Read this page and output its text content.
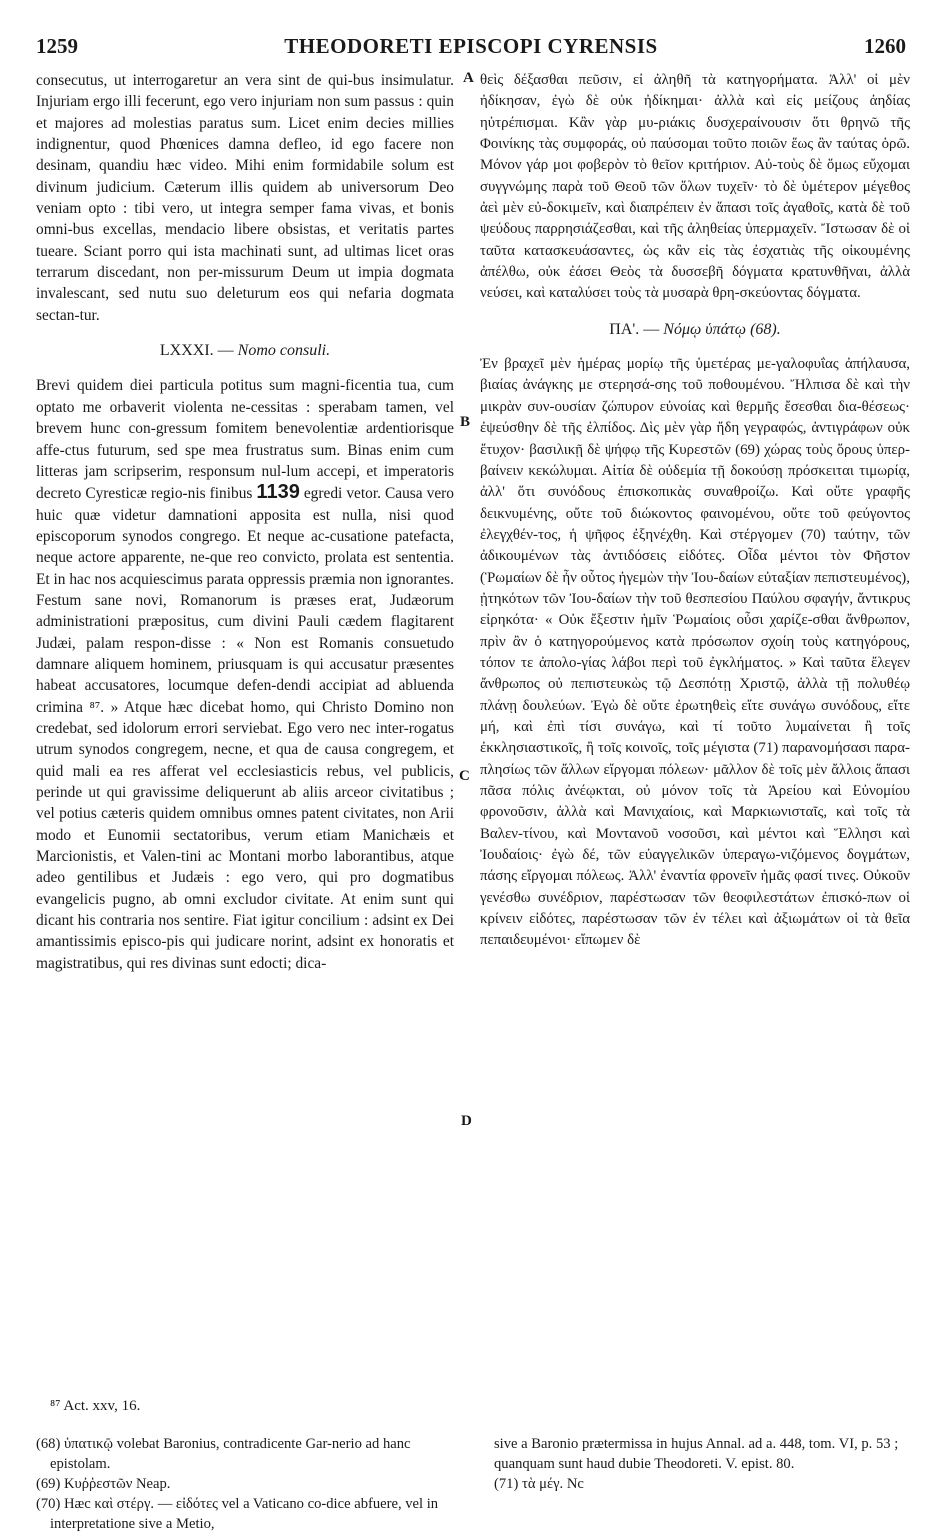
1259	THEODORETI EPISCOPI CYRENSIS	1260

consecutus, ut interrogaretur an vera sint de qui-bus insimulatur. Injuriam ergo illi fecerunt, ego vero injuriam non sum passus : quin et majores ad molestias paratus sum. Licet enim decies millies indignentur, quod Phœnices damna defleo, id ego facere non desinam, quandiu hæc video. Mihi enim formidabile solum est divinum judicium. Cæterum illis quidem ab universorum Deo veniam opto : tibi vero, ut integra semper fama vivas, et bonis omni-bus excellas, mendacio libere obsistas, et veritatis partes tueare. Sciant porro qui ista machinati sunt, ad ultimas licet oras terrarum discedant, non per-missurum Deum ut impia dogmata invalescant, sed nutu suo deleturum eos qui nefaria dogmata sectan-tur.

LXXXI. — Nomo consuli.

Brevi quidem diei particula potitus sum magni-ficentia tua, cum optato me orbaverit violenta ne-cessitas : sperabam tamen, vel brevem hunc con-gressum fomitem benevolentiæ ardentiorisque affe-ctus futurum, sed spe mea frustratus sum. Binas enim cum litteras jam scripserim, responsum nul-lum accepi, et imperatoris decreto Cyresticæ regio-nis finibus 1139 egredi vetor. Causa vero huic quæ videtur damnationi apposita est nulla, nisi quod episcoporum synodos congrego. Et neque ac-cusatione patefacta, neque actore apparente, ne-que reo convicto, prolata est sententia. Et in hac nos acquiescimus parata oppressis præmia non ignorantes. Festum sane novi, Romanorum is præses erat, Judæorum administrationi præpositus, cum divini Pauli cædem flagitarent Judæi, palam respon-disse : « Non est Romanis consuetudo damnare aliquem hominem, priusquam is qui accusatur præsentes habeat accusatores, locumque defen-dendi accipiat ad abluenda crimina ⁸⁷. » Atque hæc dicebat homo, qui Christo Domino non credebat, sed idolorum errori serviebat. Ego vero nec inter-rogatus utrum synodos congregem, necne, et qua de causa congregem, et quid mali ea res afferat vel ecclesiasticis rebus, vel publicis, perinde ut qui gravissime deliquerunt ab aliis arceor civitatibus ; vel potius cæteris quidem omnibus omnes patent civitates, non Arii modo et Eunomii sectatoribus, verum etiam Manichæis et Marcionistis, et Valen-tini ac Montani morbo laborantibus, atque adeo gentilibus et Judæis : ego vero, qui pro dogmatibus evangelicis pugno, ab omni excludor civitate. At enim sunt qui dicant his contraria nos sentire. Fiat igitur concilium : adsint ex Dei amantissimis episco-pis qui judicare norint, adsint ex honoratis et magistratibus, qui res divinas sunt edocti; dica-

A
B
C
D

θεὶς δέξασθαι πεῦσιν, εἰ ἀληθῆ τὰ κατηγορήματα. Ἀλλ' οἱ μὲν ἠδίκησαν, ἐγὼ δὲ οὐκ ἠδίκημαι· ἀλλὰ καὶ εἰς μείζους ἀηδίας ηὐτρέπισμαι. Κἂν γὰρ μυ-ριάκις δυσχεραίνουσιν ὅτι θρηνῶ τῆς Φοινίκης τὰς συμφοράς, οὐ παύσομαι τοῦτο ποιῶν ἕως ἂν ταύτας ὁρῶ. Μόνον γάρ μοι φοβερὸν τὸ θεῖον κριτήριον. Αὐ-τοὺς δὲ ὅμως εὔχομαι συγγνώμης παρὰ τοῦ Θεοῦ τῶν ὅλων τυχεῖν· τὸ δὲ ὑμέτερον μέγεθος ἀεὶ μὲν εὐ-δοκιμεῖν, καὶ διαπρέπειν ἐν ἅπασι τοῖς ἀγαθοῖς, κατὰ δὲ τοῦ ψεύδους παρρησιάζεσθαι, καὶ τῆς ἀληθείας ὑπερμαχεῖν. Ἴστωσαν δὲ οἱ ταῦτα κατασκευάσαντες, ὡς κἂν εἰς τὰς ἐσχατιὰς τῆς οἰκουμένης ἀπέλθω, οὐκ ἐάσει Θεὸς τὰ δυσσεβῆ δόγματα κρατυνθῆναι, ἀλλὰ νεύσει, καὶ καταλύσει τοὺς τὰ μυσαρὰ θρη-σκεύοντας δόγματα.

ΠΑ'. — Νόμῳ ὑπάτῳ (68).

Ἐν βραχεῖ μὲν ἡμέρας μορίῳ τῆς ὑμετέρας με-γαλοφυΐας ἀπήλαυσα, βιαίας ἀνάγκης με στερησά-σης τοῦ ποθουμένου. Ἤλπισα δὲ καὶ τὴν μικρὰν συν-ουσίαν ζώπυρον εὐνοίας καὶ θερμῆς ἔσεσθαι δια-θέσεως· ἐψεύσθην δὲ τῆς ἐλπίδος. Δὶς μὲν γὰρ ἤδη γεγραφώς, ἀντιγράφων οὐκ ἔτυχον· βασιλικῇ δὲ ψήφῳ τῆς Κυρεστῶν (69) χώρας τοὺς ὅρους ὑπερ-βαίνειν κεκώλυμαι. Αἰτία δὲ οὐδεμία τῇ δοκούσῃ πρόσκειται τιμωρίᾳ, ἀλλ' ὅτι συνόδους ἐπισκοπικὰς συναθροίζω. Καὶ οὔτε γραφῆς δεικνυμένης, οὔτε τοῦ διώκοντος φαινομένου, οὔτε τοῦ φεύγοντος ἐλεγχθέν-τος, ἡ ψῆφος ἐξηνέχθη. Καὶ στέργομεν (70) ταύτην, τῶν ἀδικουμένων τὰς ἀντιδόσεις εἰδότες. Οἶδα μέντοι τὸν Φῆστον (Ῥωμαίων δὲ ἦν οὗτος ἡγεμὼν τὴν Ἰου-δαίων εὐταξίαν πεπιστευμένος), ᾐτηκότων τῶν Ἰου-δαίων τὴν τοῦ θεσπεσίου Παύλου σφαγήν, ἄντικρυς εἰρηκότα· « Οὐκ ἔξεστιν ἡμῖν Ῥωμαίοις οὖσι χαρίζε-σθαι ἄνθρωπον, πρὶν ἂν ὁ κατηγορούμενος κατὰ πρόσωπον σχοίη τοὺς κατηγόρους, τόπον τε ἀπολο-γίας λάβοι περὶ τοῦ ἐγκλήματος. » Καὶ ταῦτα ἔλεγεν ἄνθρωπος οὐ πεπιστευκὼς τῷ Δεσπότῃ Χριστῷ, ἀλλὰ τῇ πολυθέῳ πλάνῃ δουλεύων. Ἐγὼ δὲ οὔτε ἐρωτηθεὶς εἴτε συνάγω συνόδους, εἴτε μή, καὶ ἐπὶ τίσι συνάγω, καὶ τί τοῦτο λυμαίνεται ἢ τοῖς ἐκκλησιαστικοῖς, ἢ τοῖς κοινοῖς, τοῖς μέγιστα (71) παρανομήσασι παρα-πλησίως τῶν ἄλλων εἴργομαι πόλεων· μᾶλλον δὲ τοῖς μὲν ἄλλοις ἅπασι πᾶσα πόλις ἀνέῳκται, οὐ μόνον τοῖς τὰ Ἀρείου καὶ Εὐνομίου φρονοῦσιν, ἀλλὰ καὶ Μανιχαίοις, καὶ Μαρκιωνισταῖς, καὶ τοῖς τὰ Βαλεν-τίνου, καὶ Μοντανοῦ νοσοῦσι, καὶ μέντοι καὶ Ἕλλησι καὶ Ἰουδαίοις· ἐγὼ δέ, τῶν εὐαγγελικῶν ὑπεραγω-νιζόμενος δογμάτων, πάσης εἴργομαι πόλεως. Ἀλλ' ἐναντία φρονεῖν ἡμᾶς φασί τινες. Οὐκοῦν γενέσθω συνέδριον, παρέστωσαν τῶν θεοφιλεστάτων ἐπισκό-πων οἱ κρίνειν εἰδότες, παρέστωσαν τῶν ἐν τέλει καὶ ἀξιωμάτων οἱ τὰ θεῖα πεπαιδευμένοι· εἴπωμεν δὲ

⁸⁷ Act. xxv, 16.

(68) ὑπατικῷ volebat Baronius, contradicente Gar-nerio ad hanc epistolam.

(69) Κυῤῥεστῶν Neap.

(70) Hæc καὶ στέργ. — εἰδότες vel a Vaticano co-dice abfuere, vel in interpretatione sive a Metio,

sive a Baronio prætermissa in hujus Annal. ad a. 448, tom. VI, p. 53 ; quanquam sunt haud dubie Theodoreti. V. epist. 80.

(71) τὰ μέγ. Nc
